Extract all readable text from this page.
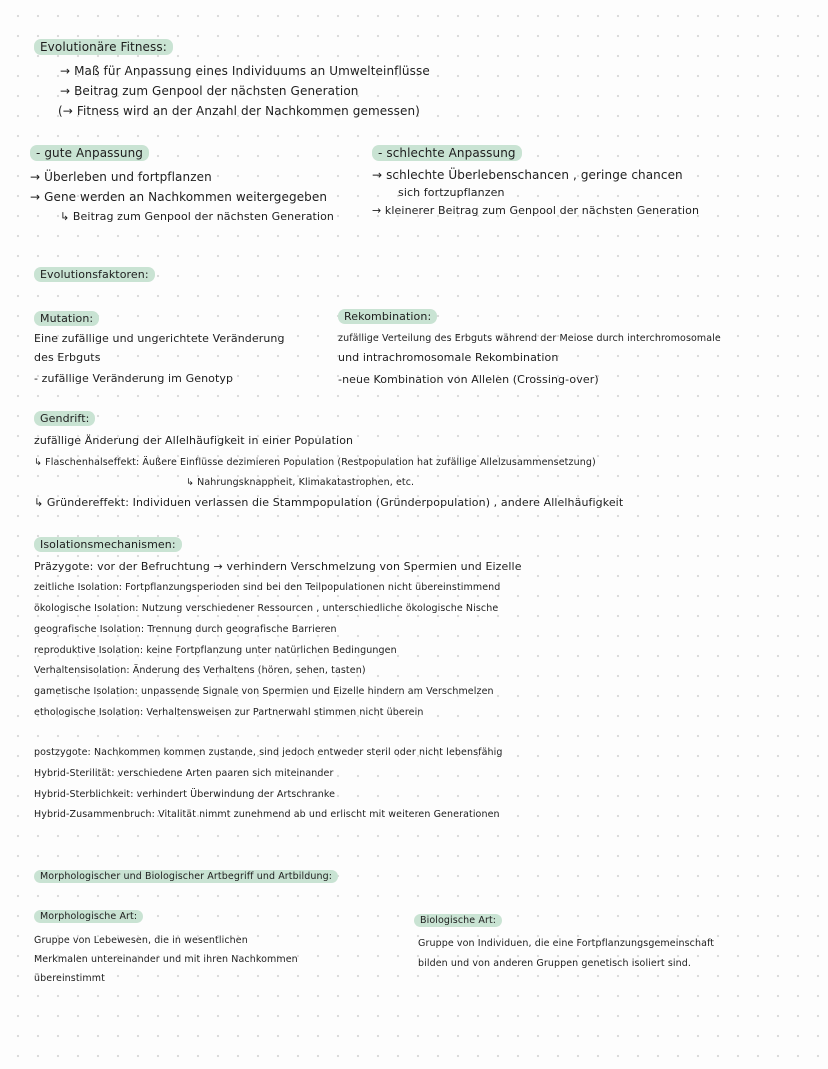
Evolutionäre Fitness:
→ Maß für Anpassung eines Individuums an Umwelteinflüsse
→ Beitrag zum Genpool der nächsten Generation
(→ Fitness wird an der Anzahl der Nachkommen gemessen)
- gute Anpassung
→ Überleben und fortpflanzen
→ Gene werden an Nachkommen weitergegeben
↳ Beitrag zum Genpool der nächsten Generation
- schlechte Anpassung
→ schlechte Überlebenschancen , geringe chancen
sich fortzupflanzen
→ kleinerer Beitrag zum Genpool der nächsten Generation
Evolutionsfaktoren:
Mutation:
Eine zufällige und ungerichtete Veränderung
des Erbguts
- zufällige Veränderung im Genotyp
Rekombination:
zufällige Verteilung des Erbguts während der Meiose durch interchromosomale
und intrachromosomale Rekombination
-neue Kombination von Allelen (Crossing-over)
Gendrift:
zufällige Änderung der Allelhäufigkeit in einer Population
↳ Flaschenhalseffekt: Äußere Einflüsse dezimieren Population (Restpopulation hat zufällige Allelzusammensetzung)
↳ Nahrungsknappheit, Klimakatastrophen, etc.
↳ Gründereffekt: Individuen verlassen die Stammpopulation (Gründerpopulation) , andere Allelhäufigkeit
Isolationsmechanismen:
Präzygote: vor der Befruchtung → verhindern Verschmelzung von Spermien und Eizelle
zeitliche Isolation: Fortpflanzungsperioden sind bei den Teilpopulationen nicht übereinstimmend
ökologische Isolation: Nutzung verschiedener Ressourcen , unterschiedliche ökologische Nische
geografische Isolation: Trennung durch geografische Barrieren
reproduktive Isolation: keine Fortpflanzung unter natürlichen Bedingungen
Verhaltensisolation: Änderung des Verhaltens (hören, sehen, tasten)
gametische Isolation: unpassende Signale von Spermien und Eizelle hindern am Verschmelzen
ethologische Isolation: Verhaltensweisen zur Partnerwahl stimmen nicht überein
postzygote: Nachkommen kommen zustande, sind jedoch entweder steril oder nicht lebensfähig
Hybrid-Sterilität: verschiedene Arten paaren sich miteinander
Hybrid-Sterblichkeit: verhindert Überwindung der Artschranke
Hybrid-Zusammenbruch: Vitalität nimmt zunehmend ab und erlischt mit weiteren Generationen
Morphologischer und Biologischer Artbegriff und Artbildung:
Morphologische Art:
Gruppe von Lebewesen, die in wesentlichen
Merkmalen untereinander und mit ihren Nachkommen
übereinstimmt
Biologische Art:
Gruppe von Individuen, die eine Fortpflanzungsgemeinschaft
bilden und von anderen Gruppen genetisch isoliert sind.
